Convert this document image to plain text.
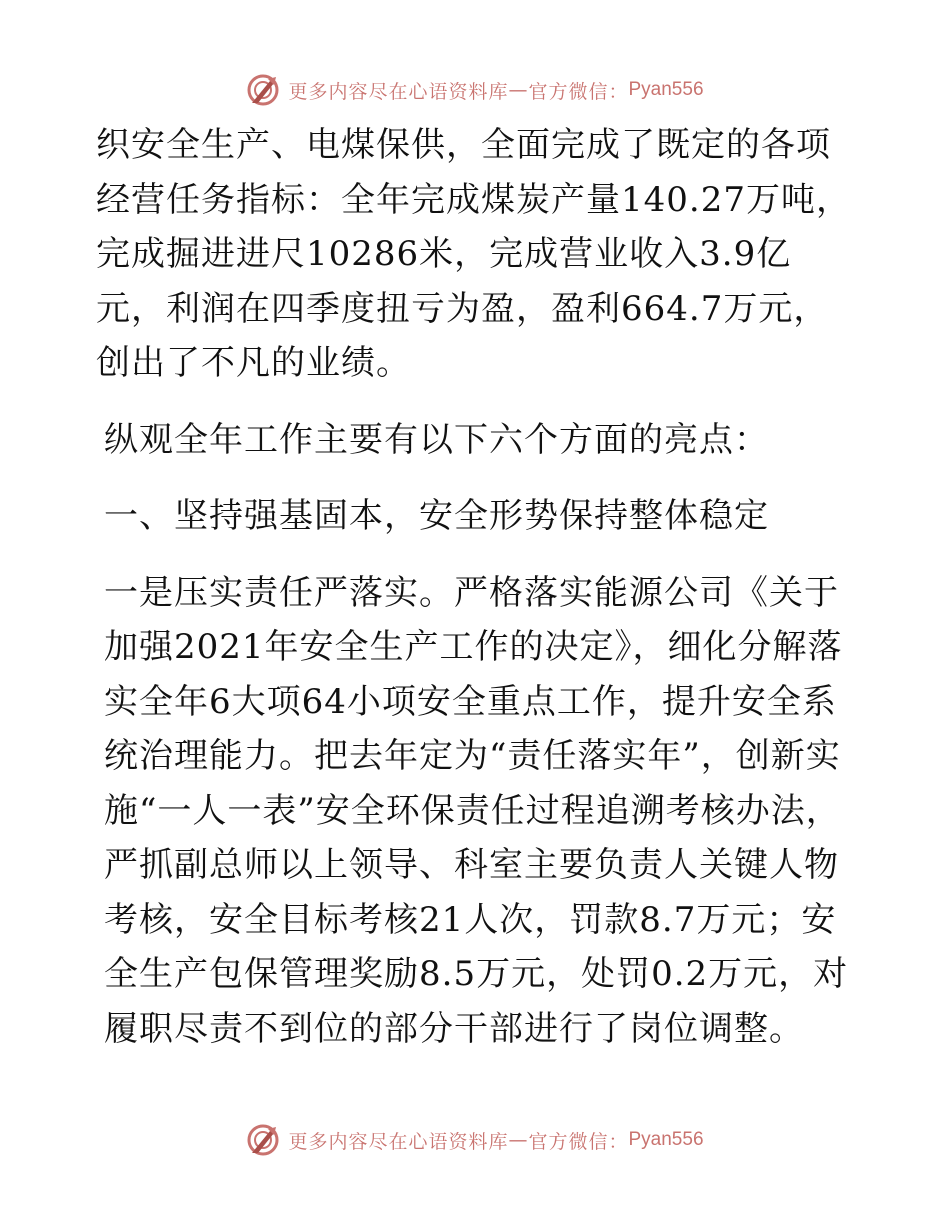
更多内容尽在心语资料库 — 官方微信： Pyan556

织安全生产、电煤保供，全面完成了既定的各项经营任务指标：全年完成煤炭产量140.27万吨，完成掘进进尺10286米，完成营业收入3.9亿元，利润在四季度扭亏为盈，盈利664.7万元，创出了不凡的业绩。

纵观全年工作主要有以下六个方面的亮点：

一、坚持强基固本，安全形势保持整体稳定

一是压实责任严落实。严格落实能源公司《关于加强2021年安全生产工作的决定》，细化分解落实全年6大项64小项安全重点工作，提升安全系统治理能力。把去年定为“责任落实年”，创新实施“一人一表”安全环保责任过程追溯考核办法，严抓副总师以上领导、科室主要负责人关键人物考核，安全目标考核21人次，罚款8.7万元；安全生产包保管理奖励8.5万元，处罚0.2万元，对履职尽责不到位的部分干部进行了岗位调整。

更多内容尽在心语资料库 — 官方微信： Pyan556
